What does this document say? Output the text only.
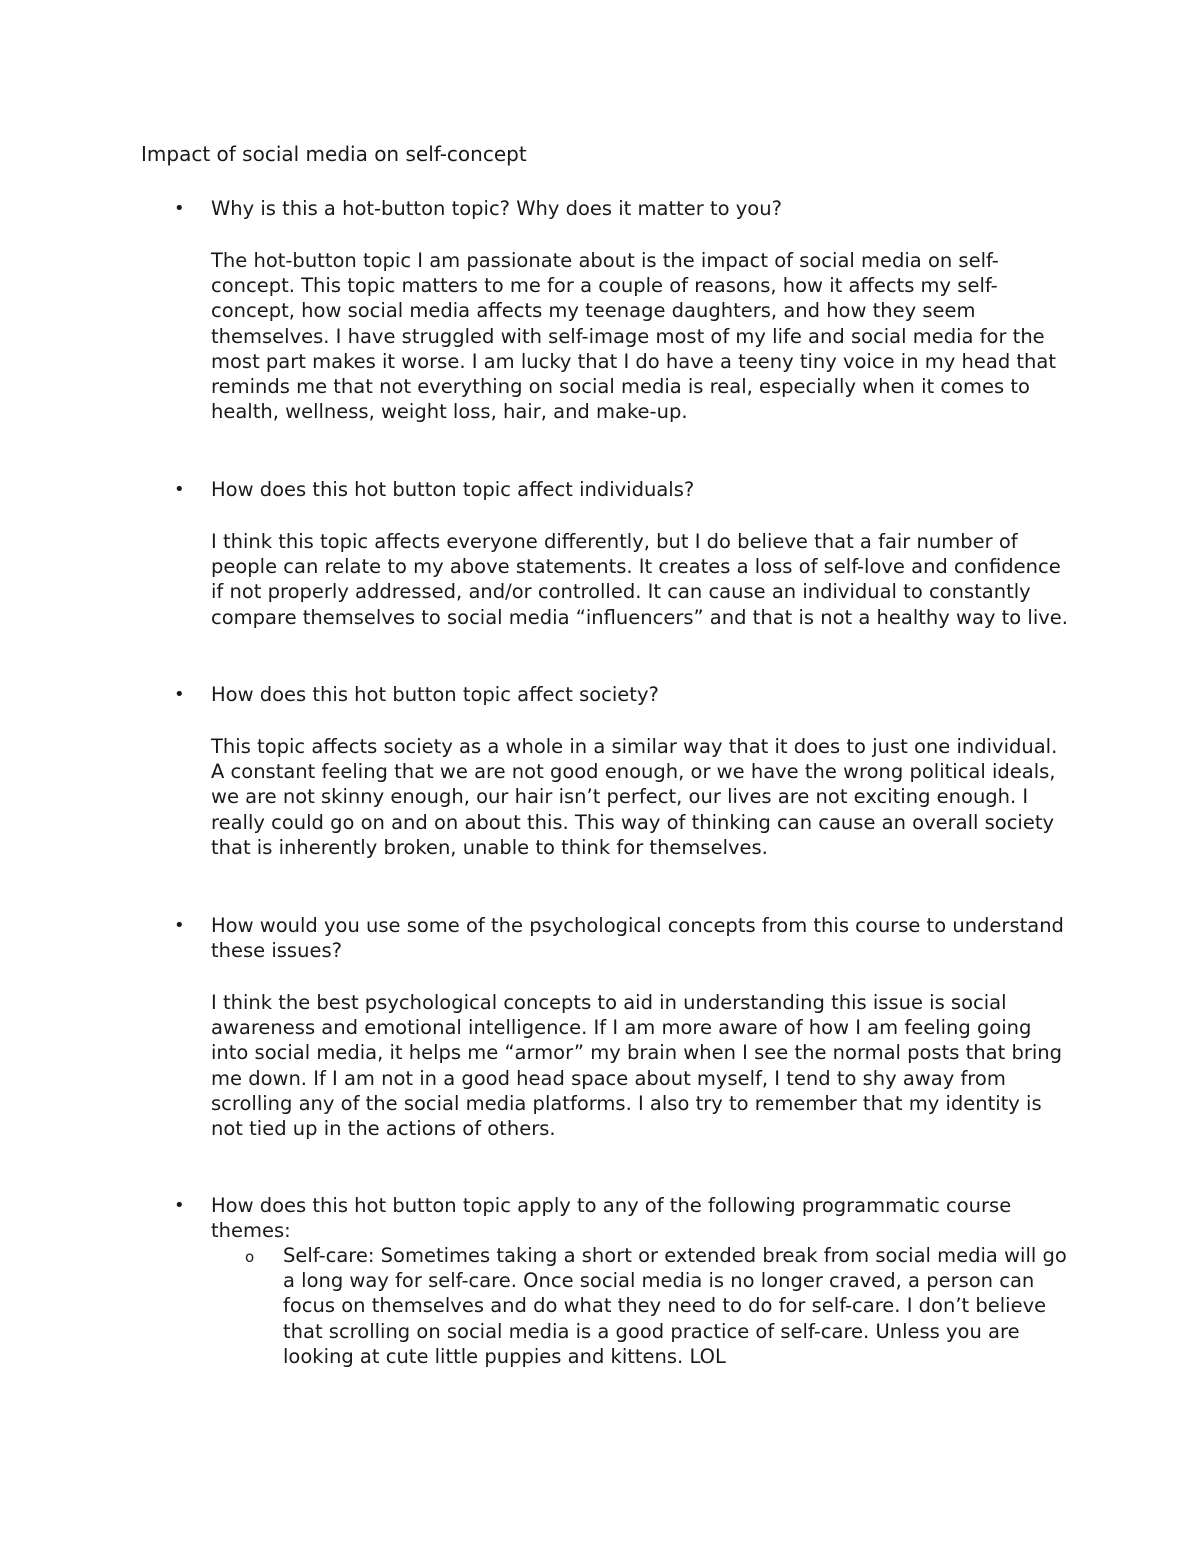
Impact of social media on self-concept
• Why is this a hot-button topic? Why does it matter to you?
The hot-button topic I am passionate about is the impact of social media on self-concept. This topic matters to me for a couple of reasons, how it affects my self-concept, how social media affects my teenage daughters, and how they seem themselves. I have struggled with self-image most of my life and social media for the most part makes it worse. I am lucky that I do have a teeny tiny voice in my head that reminds me that not everything on social media is real, especially when it comes to health, wellness, weight loss, hair, and make-up.
• How does this hot button topic affect individuals?
I think this topic affects everyone differently, but I do believe that a fair number of people can relate to my above statements. It creates a loss of self-love and confidence if not properly addressed, and/or controlled. It can cause an individual to constantly compare themselves to social media “influencers” and that is not a healthy way to live.
• How does this hot button topic affect society?
This topic affects society as a whole in a similar way that it does to just one individual. A constant feeling that we are not good enough, or we have the wrong political ideals, we are not skinny enough, our hair isn’t perfect, our lives are not exciting enough. I really could go on and on about this. This way of thinking can cause an overall society that is inherently broken, unable to think for themselves.
• How would you use some of the psychological concepts from this course to understand these issues?
I think the best psychological concepts to aid in understanding this issue is social awareness and emotional intelligence. If I am more aware of how I am feeling going into social media, it helps me “armor” my brain when I see the normal posts that bring me down. If I am not in a good head space about myself, I tend to shy away from scrolling any of the social media platforms. I also try to remember that my identity is not tied up in the actions of others.
• How does this hot button topic apply to any of the following programmatic course themes:
o Self-care: Sometimes taking a short or extended break from social media will go a long way for self-care. Once social media is no longer craved, a person can focus on themselves and do what they need to do for self-care. I don’t believe that scrolling on social media is a good practice of self-care. Unless you are looking at cute little puppies and kittens. LOL
